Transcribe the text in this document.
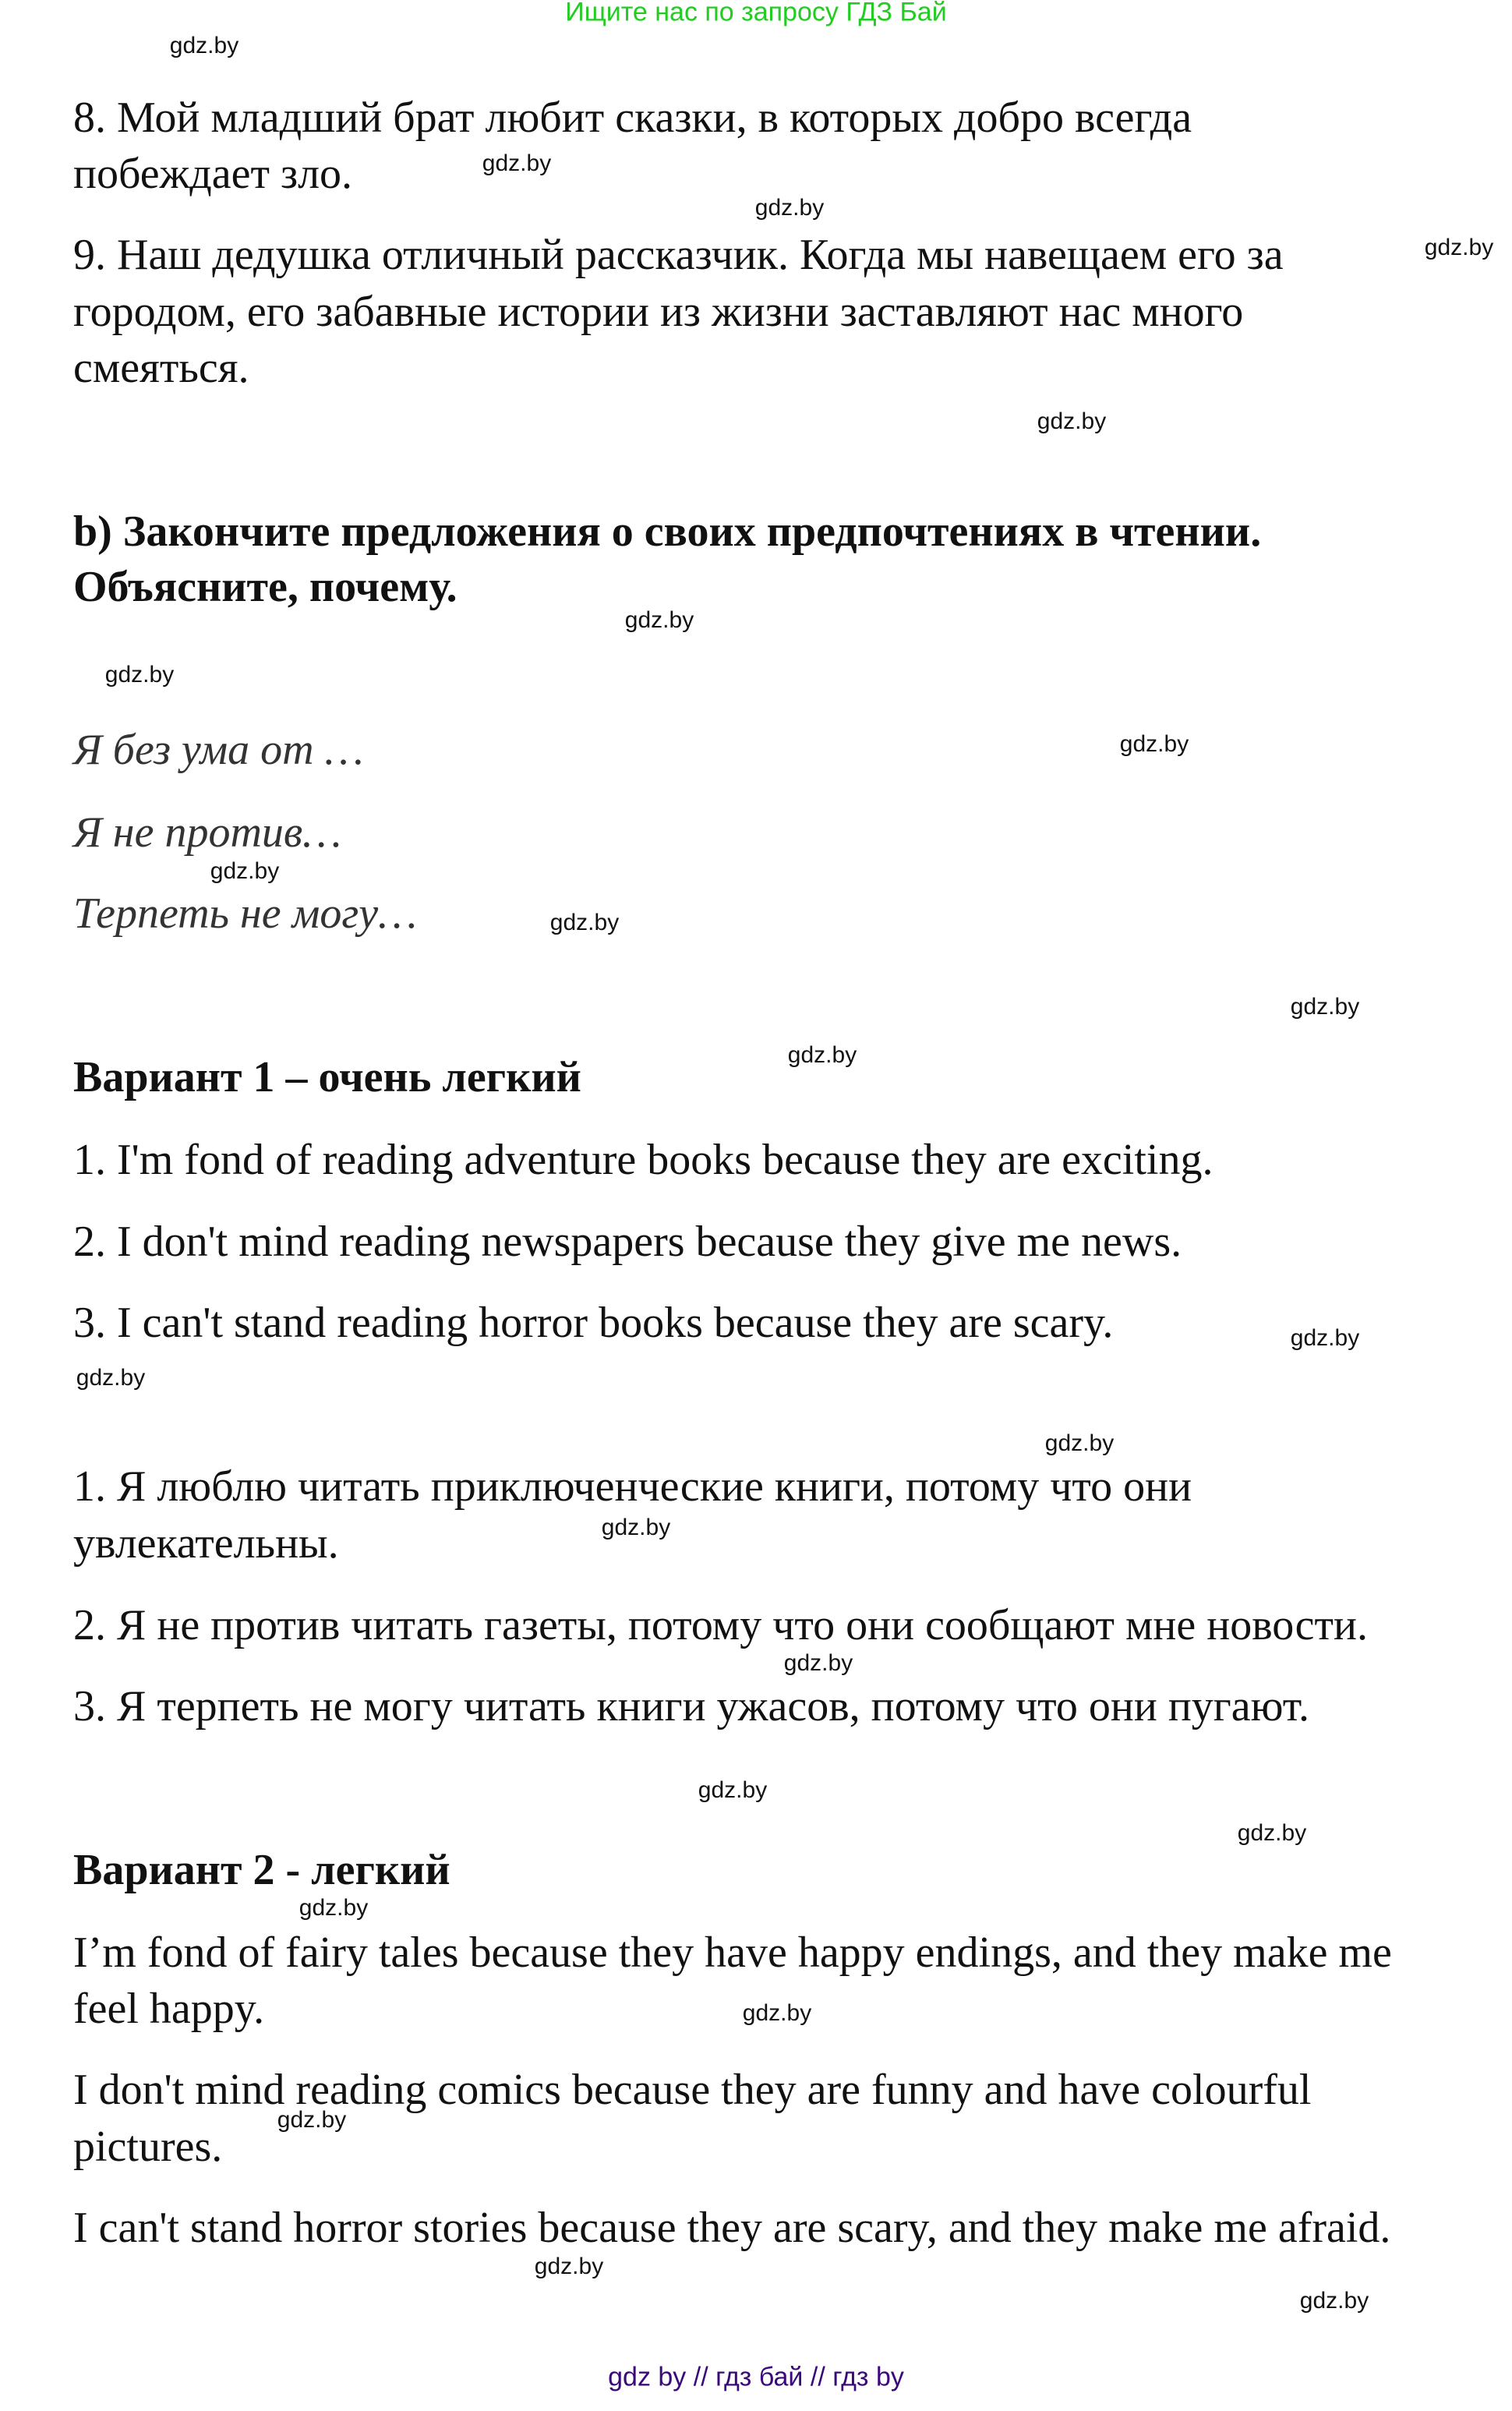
Ищите нас по запросу ГДЗ Бай
8. Мой младший брат любит сказки, в которых добро всегда
побеждает зло.
9. Наш дедушка отличный рассказчик. Когда мы навещаем его за
городом, его забавные истории из жизни заставляют нас много
смеяться.
b) Закончите предложения о своих предпочтениях в чтении.
Объясните, почему.
Я без ума от …
Я не против…
Терпеть не могу…
Вариант 1 – очень легкий
1. I'm fond of reading adventure books because they are exciting.
2. I don't mind reading newspapers because they give me news.
3. I can't stand reading horror books because they are scary.
1. Я люблю читать приключенческие книги, потому что они
увлекательны.
2. Я не против читать газеты, потому что они сообщают мне новости.
3. Я терпеть не могу читать книги ужасов, потому что они пугают.
Вариант 2 - легкий
I’m fond of fairy tales because they have happy endings, and they make me
feel happy.
I don't mind reading comics because they are funny and have colourful
pictures.
I can't stand horror stories because they are scary, and they make me afraid.
gdz.by
gdz.by
gdz.by
gdz.by
gdz.by
gdz.by
gdz.by
gdz.by
gdz.by
gdz.by
gdz.by
gdz.by
gdz.by
gdz.by
gdz.by
gdz.by
gdz.by
gdz.by
gdz.by
gdz.by
gdz.by
gdz.by
gdz.by
gdz.by
gdz by // гдз бай // гдз by
